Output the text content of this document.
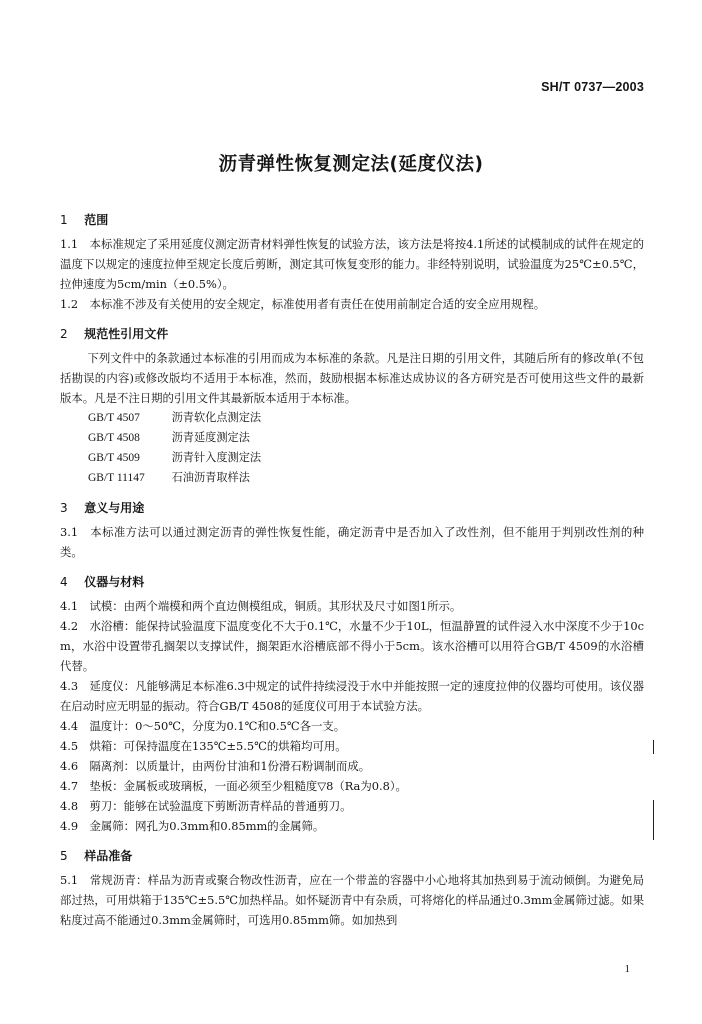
SH/T 0737—2003
沥青弹性恢复测定法(延度仪法)
1 范围
1.1　本标准规定了采用延度仪测定沥青材料弹性恢复的试验方法，该方法是将按4.1所述的试模制成的试件在规定的温度下以规定的速度拉伸至规定长度后剪断，测定其可恢复变形的能力。非经特别说明，试验温度为25℃±0.5℃，拉伸速度为5cm/min（±0.5%）。
1.2　本标准不涉及有关使用的安全规定，标准使用者有责任在使用前制定合适的安全应用规程。
2 规范性引用文件
下列文件中的条款通过本标准的引用而成为本标准的条款。凡是注日期的引用文件，其随后所有的修改单(不包括勘误的内容)或修改版均不适用于本标准，然而，鼓励根据本标准达成协议的各方研究是否可使用这些文件的最新版本。凡是不注日期的引用文件其最新版本适用于本标准。
GB/T 4507	沥青软化点测定法
GB/T 4508	沥青延度测定法
GB/T 4509	沥青针入度测定法
GB/T 11147 石油沥青取样法
3 意义与用途
3.1　本标准方法可以通过测定沥青的弹性恢复性能，确定沥青中是否加入了改性剂，但不能用于判别改性剂的种类。
4 仪器与材料
4.1　试模：由两个端模和两个直边侧模组成，铜质。其形状及尺寸如图1所示。
4.2　水浴槽：能保持试验温度下温度变化不大于0.1℃，水量不少于10L，恒温静置的试件浸入水中深度不少于10cm，水浴中设置带孔搁架以支撑试件，搁架距水浴槽底部不得小于5cm。该水浴槽可以用符合GB/T 4509的水浴槽代替。
4.3　延度仪：凡能够满足本标准6.3中规定的试件持续浸没于水中并能按照一定的速度拉伸的仪器均可使用。该仪器在启动时应无明显的振动。符合GB/T 4508的延度仪可用于本试验方法。
4.4　温度计：0～50℃，分度为0.1℃和0.5℃各一支。
4.5　烘箱：可保持温度在135℃±5.5℃的烘箱均可用。
4.6　隔离剂：以质量计，由两份甘油和1份滑石粉调制而成。
4.7　垫板：金属板或玻璃板，一面必须至少粗糙度▽8（Ra为0.8）。
4.8　剪刀：能够在试验温度下剪断沥青样品的普通剪刀。
4.9　金属筛：网孔为0.3mm和0.85mm的金属筛。
5 样品准备
5.1　常规沥青：样品为沥青或聚合物改性沥青，应在一个带盖的容器中小心地将其加热到易于流动倾倒。为避免局部过热，可用烘箱于135℃±5.5℃加热样品。如怀疑沥青中有杂质，可将熔化的样品通过0.3mm金属筛过滤。如果粘度过高不能通过0.3mm金属筛时，可选用0.85mm筛。如加热到
1
